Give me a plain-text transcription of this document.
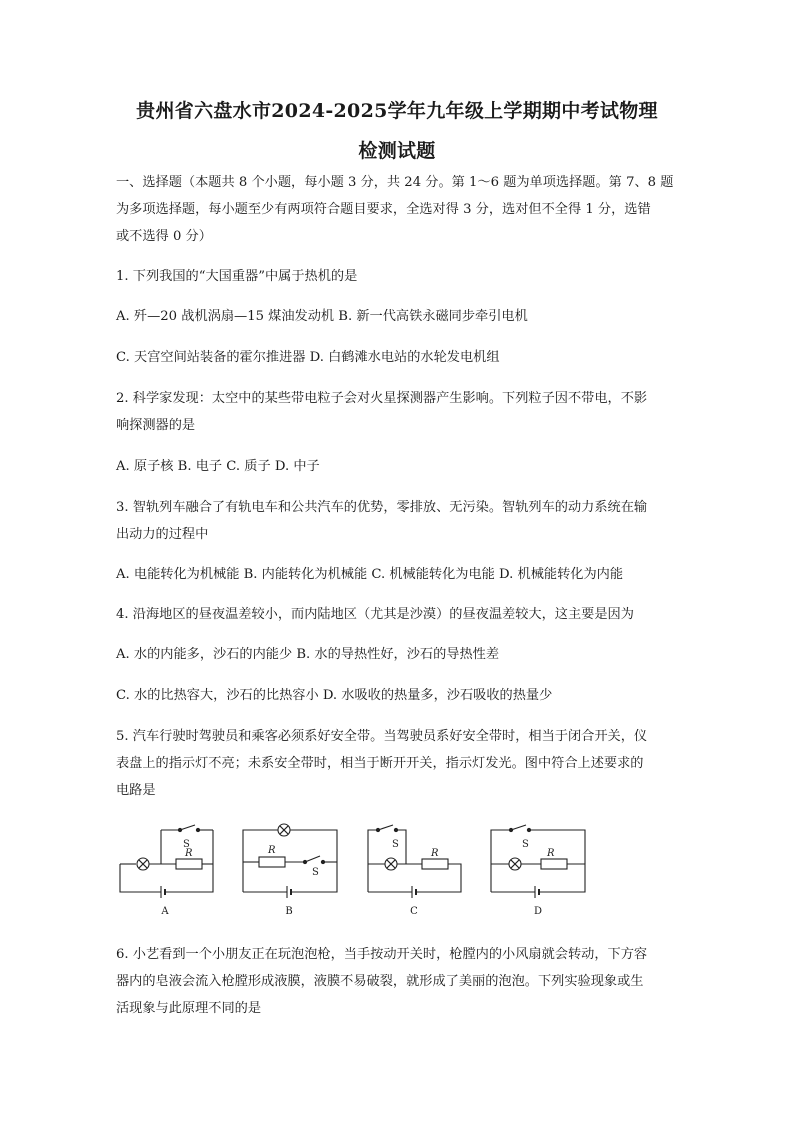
贵州省六盘水市2024-2025学年九年级上学期期中考试物理
检测试题
一、选择题（本题共 8 个小题，每小题 3 分，共 24 分。第 1～6 题为单项选择题。第 7、8 题
为多项选择题，每小题至少有两项符合题目要求，全选对得 3 分，选对但不全得 1 分，选错
或不选得 0 分）
1. 下列我国的“大国重器”中属于热机的是
A. 歼—20 战机涡扇—15 煤油发动机 B. 新一代高铁永磁同步牵引电机
C. 天宫空间站装备的霍尔推进器 D. 白鹤滩水电站的水轮发电机组
2. 科学家发现：太空中的某些带电粒子会对火星探测器产生影响。下列粒子因不带电，不影
响探测器的是
A. 原子核 B. 电子 C. 质子 D. 中子
3. 智轨列车融合了有轨电车和公共汽车的优势，零排放、无污染。智轨列车的动力系统在输
出动力的过程中
A. 电能转化为机械能 B. 内能转化为机械能 C. 机械能转化为电能 D. 机械能转化为内能
4. 沿海地区的昼夜温差较小，而内陆地区（尤其是沙漠）的昼夜温差较大，这主要是因为
A. 水的内能多，沙石的内能少 B. 水的导热性好，沙石的导热性差
C. 水的比热容大，沙石的比热容小 D. 水吸收的热量多，沙石吸收的热量少
5. 汽车行驶时驾驶员和乘客必须系好安全带。当驾驶员系好安全带时，相当于闭合开关，仪
表盘上的指示灯不亮；未系安全带时，相当于断开开关，指示灯发光。图中符合上述要求的
电路是
S
R	R
S
S
R
S
R
A	B	C	D
6. 小艺看到一个小朋友正在玩泡泡枪，当手按动开关时，枪膛内的小风扇就会转动，下方容
器内的皂液会流入枪膛形成液膜，液膜不易破裂，就形成了美丽的泡泡。下列实验现象或生
活现象与此原理不同的是
